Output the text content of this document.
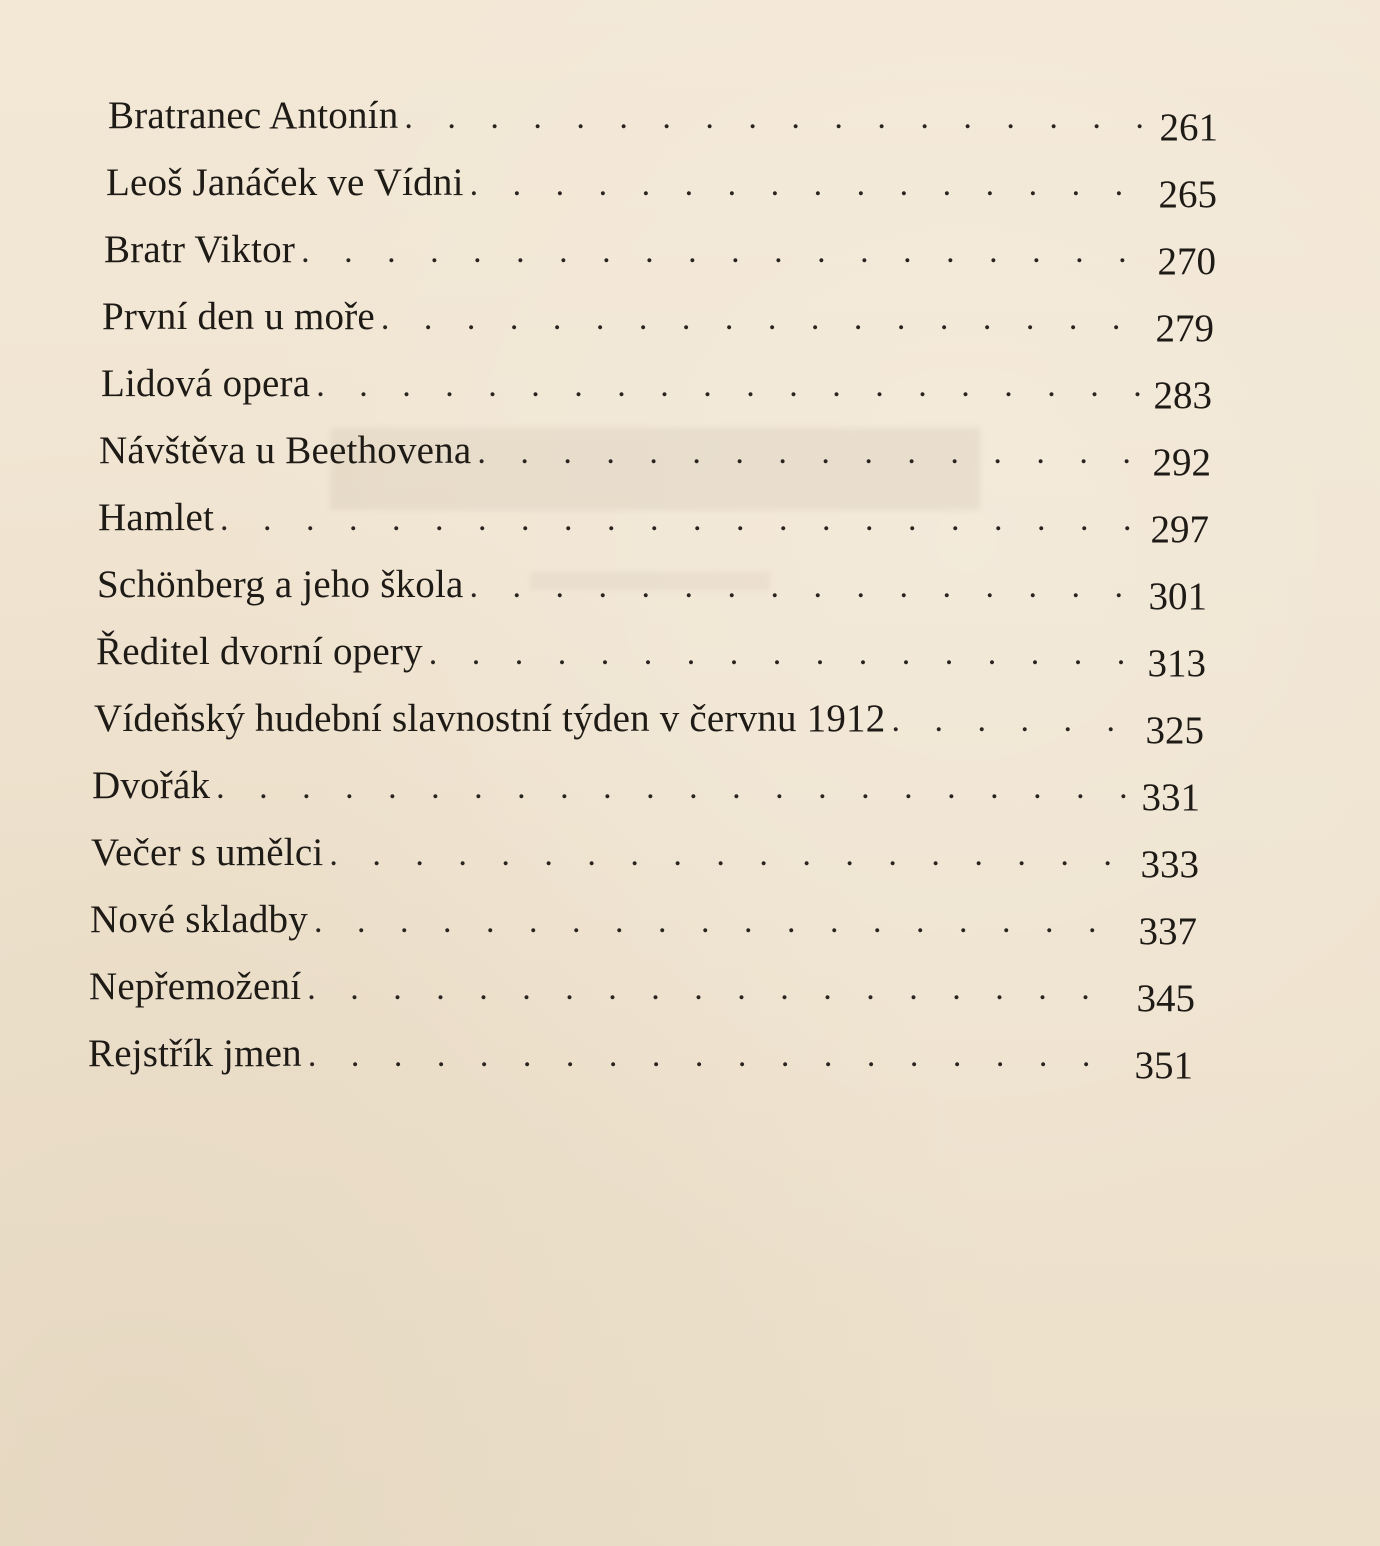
Bratranec Antonín . . .	261
Leoš Janáček ve Vídni . . .	265
Bratr Viktor . . .	270
První den u moře . . .	279
Lidová opera . . .	283
Návštěva u Beethovena . . .	292
Hamlet . . .	297
Schönberg a jeho škola . . .	301
Ředitel dvorní opery . . .	313
Vídeňský hudební slavnostní týden v červnu 1912 . . .	325
Dvořák . . .	331
Večer s umělci . . .	333
Nové skladby . . .	337
Nepřemožení . . .	345
Rejstřík jmen . . .	351
